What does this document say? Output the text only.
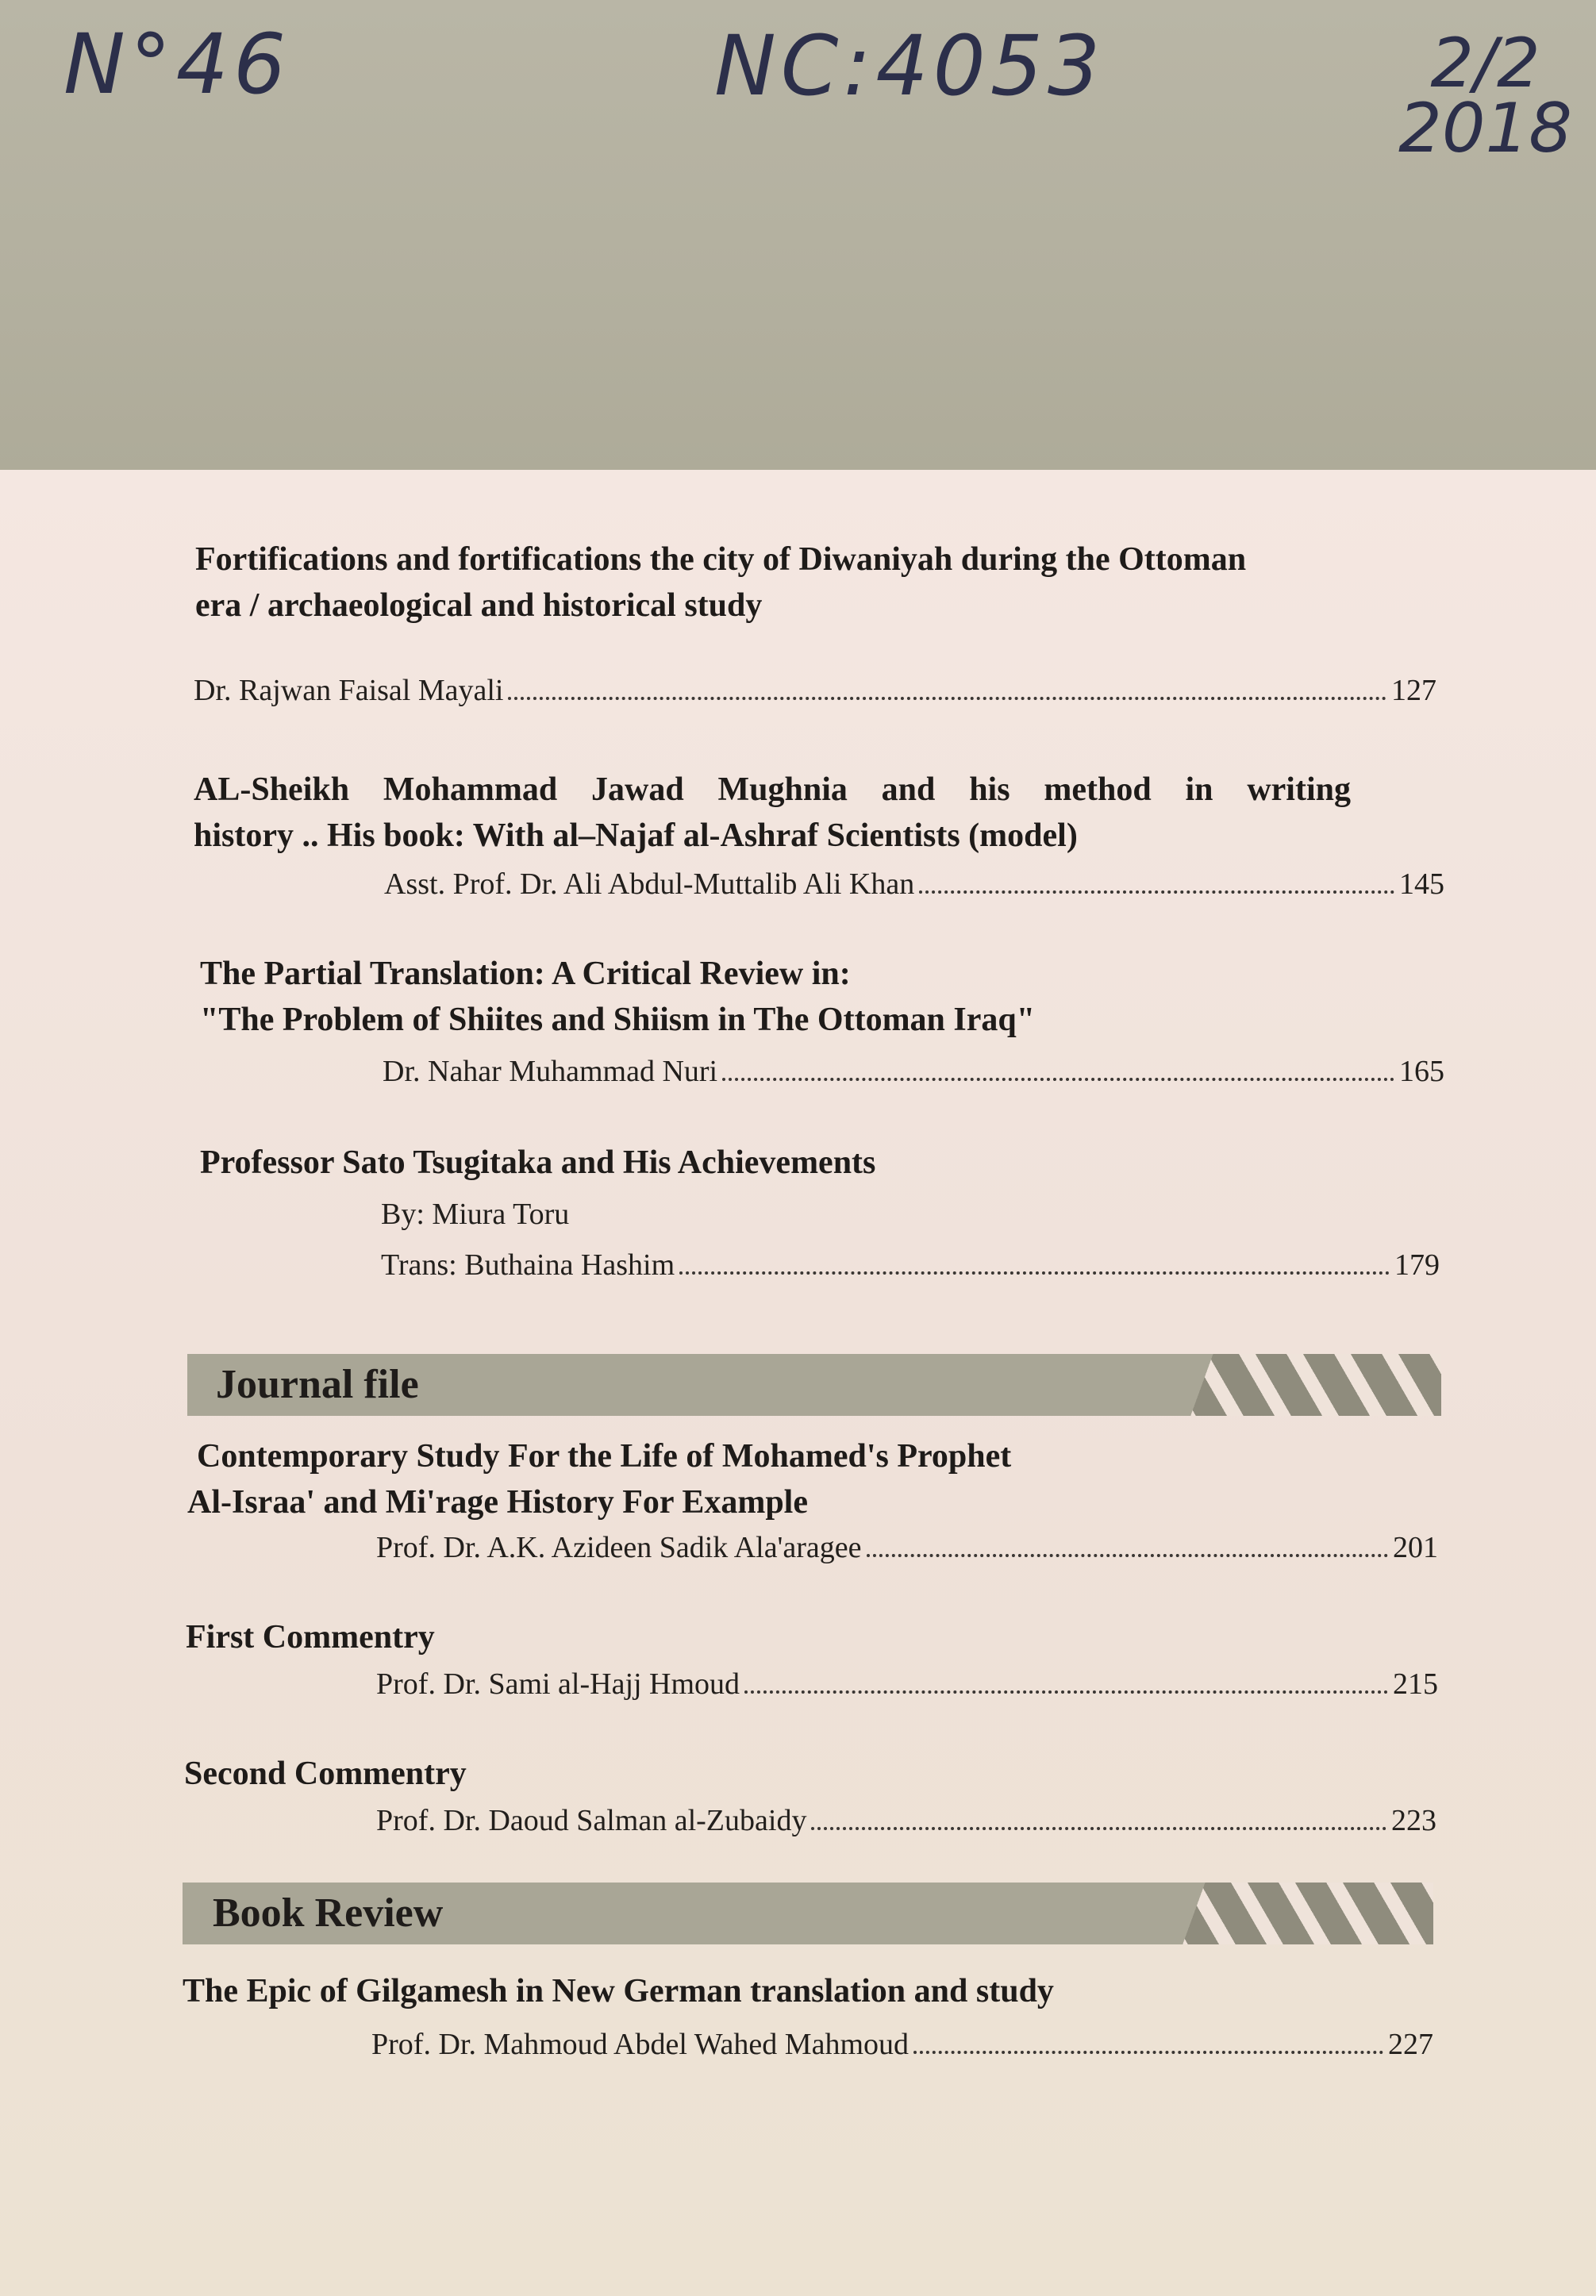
N°46	NC:4053	2/2
2018
Fortifications and fortifications the city of Diwaniyah during the Ottoman
era / archaeological and historical study
Dr. Rajwan Faisal Mayali	127
AL-Sheikh Mohammad Jawad Mughnia and his method in writing
history .. His book: With al–Najaf al-Ashraf Scientists (model)
Asst. Prof. Dr. Ali Abdul-Muttalib Ali Khan	145
The Partial Translation: A Critical Review in:
"The Problem of Shiites and Shiism in The Ottoman Iraq"
Dr. Nahar Muhammad Nuri	165
Professor Sato Tsugitaka and His Achievements
By: Miura Toru
Trans: Buthaina Hashim	179
Journal file
Contemporary Study For the Life of Mohamed's Prophet
Al-Israa' and Mi'rage History For Example
Prof. Dr. A.K. Azideen Sadik Ala'aragee	201
First Commentry
Prof. Dr. Sami al-Hajj Hmoud	215
Second Commentry
Prof. Dr. Daoud Salman al-Zubaidy	223
Book Review
The Epic of Gilgamesh in New German translation and study
Prof. Dr. Mahmoud Abdel Wahed Mahmoud	227
